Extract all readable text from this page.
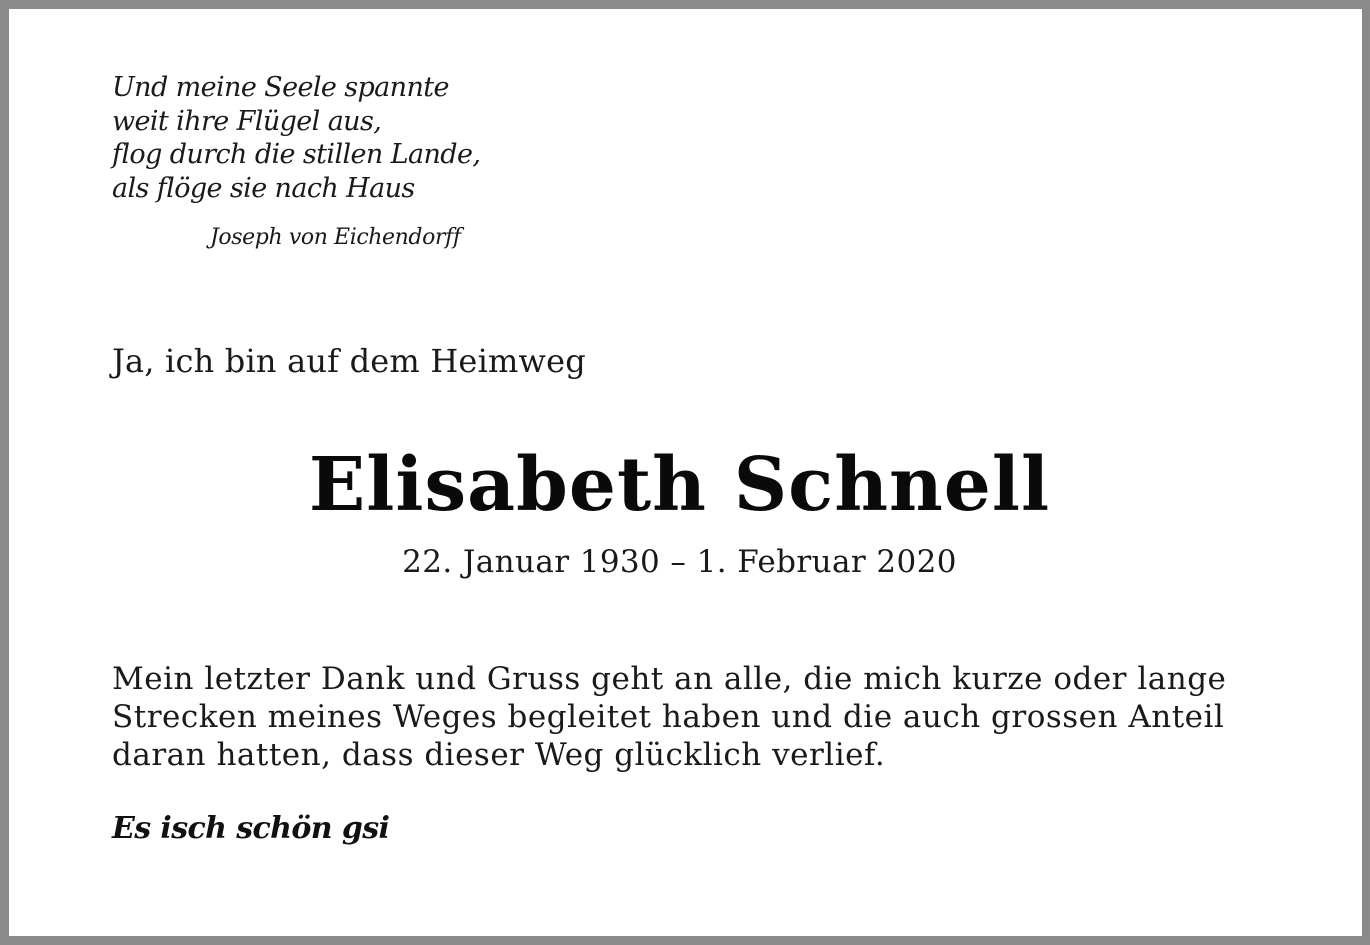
Und meine Seele spannte
weit ihre Flügel aus,
flog durch die stillen Lande,
als flöge sie nach Haus
Joseph von Eichendorff
Ja, ich bin auf dem Heimweg
Elisabeth Schnell
22. Januar 1930 – 1. Februar 2020
Mein letzter Dank und Gruss geht an alle, die mich kurze oder lange
Strecken meines Weges begleitet haben und die auch grossen Anteil
daran hatten, dass dieser Weg glücklich verlief.
Es isch schön gsi
